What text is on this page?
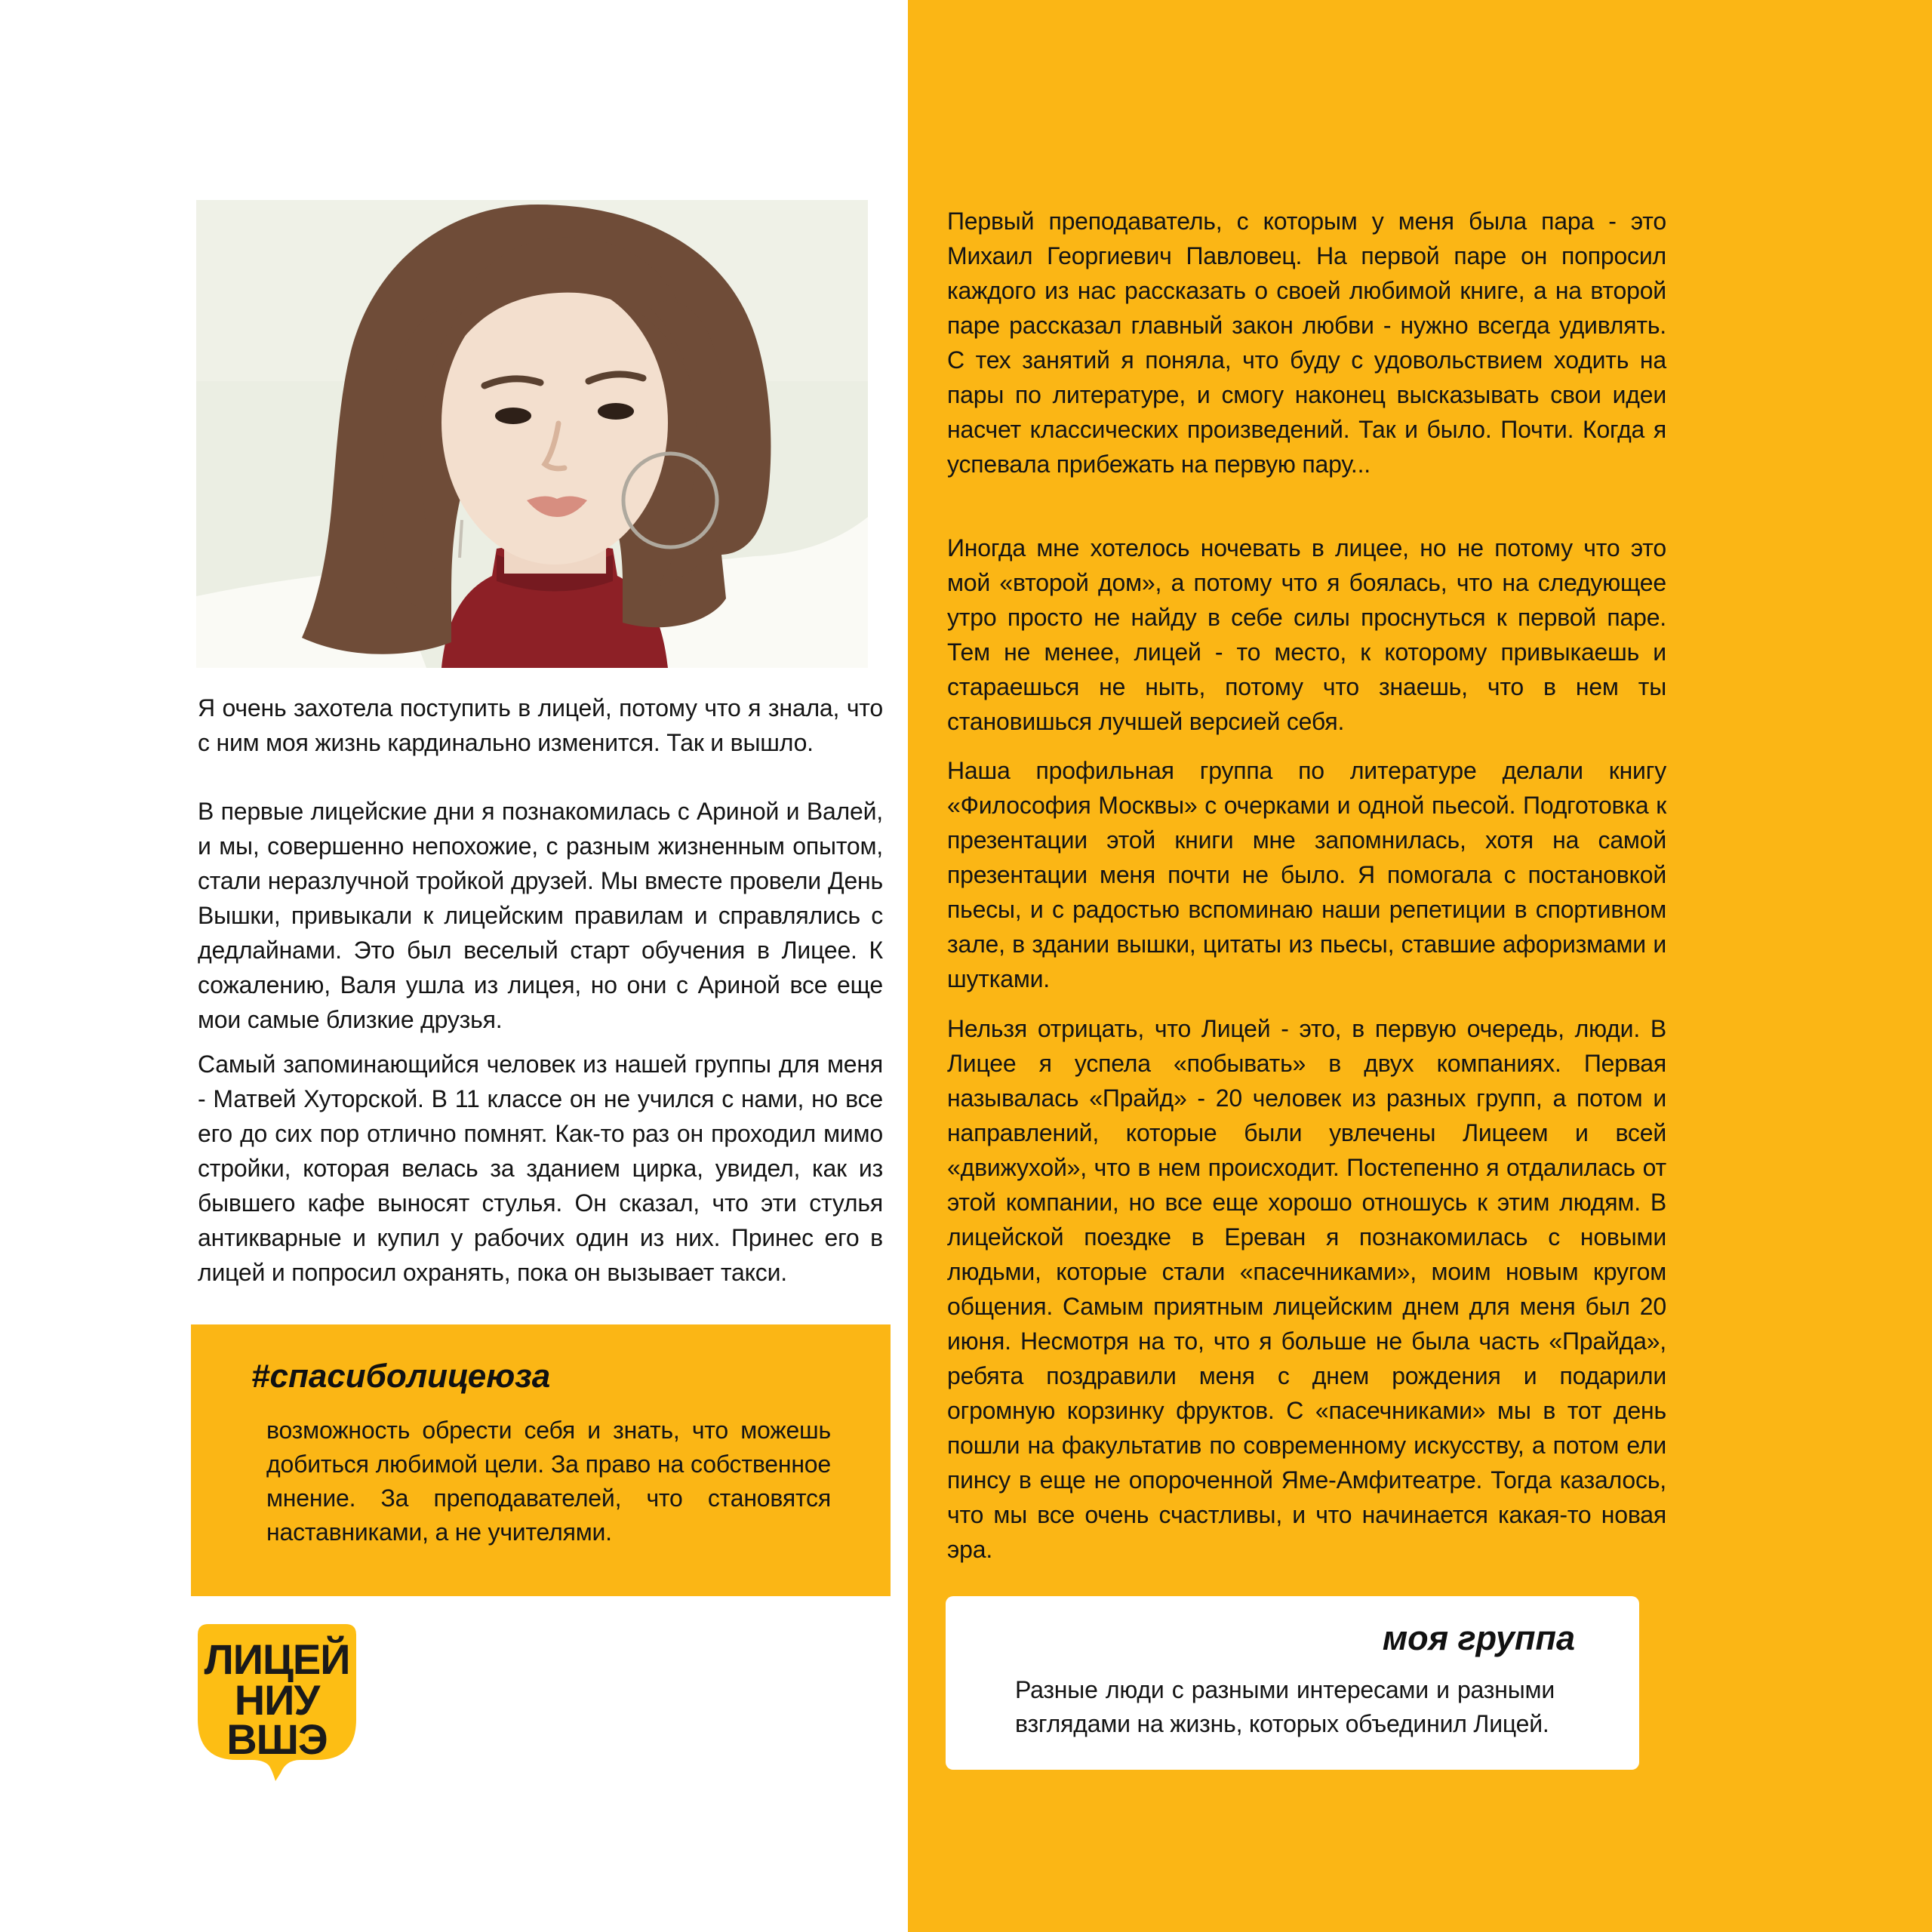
Я очень захотела поступить в лицей, потому что я знала, что с ним моя жизнь кардинально изменится. Так и вышло.

В первые лицейские дни я познакомилась с Ариной и Валей, и мы, совершенно непохожие, с разным жизненным опытом, стали неразлучной тройкой друзей. Мы вместе провели День Вышки, привыкали к лицейским правилам и справлялись с дедлайнами. Это был веселый старт обучения в Лицее. К сожалению, Валя ушла из лицея, но они с Ариной все еще мои самые близкие друзья.

Самый запоминающийся человек из нашей группы для меня - Матвей Хуторской. В 11 классе он не учился с нами, но все его до сих пор отлично помнят. Как-то раз он проходил мимо стройки, которая велась за зданием цирка, увидел, как из бывшего кафе выносят стулья. Он сказал, что эти стулья антикварные и купил у рабочих один из них. Принес его в лицей и попросил охранять, пока он вызывает такси.

#спасиболицеюза

возможность обрести себя и знать, что можешь добиться любимой цели. За право на собственное мнение. За преподавателей, что становятся наставниками, а не учителями.

ЛИЦЕЙ
НИУ
ВШЭ

Первый преподаватель, с которым у меня была пара - это Михаил Георгиевич Павловец. На первой паре он попросил каждого из нас рассказать о своей любимой книге, а на второй паре рассказал главный закон любви - нужно всегда удивлять. С тех занятий я поняла, что буду с удовольствием ходить на пары по литературе, и смогу наконец высказывать свои идеи насчет классических произведений. Так и было. Почти. Когда я успевала прибежать на первую пару...

Иногда мне хотелось ночевать в лицее, но не потому что это мой «второй дом», а потому что я боялась, что на следующее утро просто не найду в себе силы проснуться к первой паре. Тем не менее, лицей - то место, к которому привыкаешь и стараешься не ныть, потому что знаешь, что в нем ты становишься лучшей версией себя.

Наша профильная группа по литературе делали книгу «Философия Москвы» с очерками и одной пьесой. Подготовка к презентации этой книги мне запомнилась, хотя на самой презентации меня почти не было. Я помогала с постановкой пьесы, и с радостью вспоминаю наши репетиции в спортивном зале, в здании вышки, цитаты из пьесы, ставшие афоризмами и шутками.

Нельзя отрицать, что Лицей - это, в первую очередь, люди. В Лицее я успела «побывать» в двух компаниях. Первая называлась «Прайд» - 20 человек из разных групп, а потом и направлений, которые были увлечены Лицеем и всей «движухой», что в нем происходит. Постепенно я отдалилась от этой компании, но все еще хорошо отношусь к этим людям. В лицейской поездке в Ереван я познакомилась с новыми людьми, которые стали «пасечниками», моим новым кругом общения. Самым приятным лицейским днем для меня был 20 июня. Несмотря на то, что я больше не была часть «Прайда», ребята поздравили меня с днем рождения и подарили огромную корзинку фруктов. С «пасечниками» мы в тот день пошли на факультатив по современному искусству, а потом ели пинсу в еще не опороченной Яме-Амфитеатре. Тогда казалось, что мы все очень счастливы, и что начинается какая-то новая эра.

моя группа

Разные люди с разными интересами и разными взглядами на жизнь, которых объединил Лицей.
